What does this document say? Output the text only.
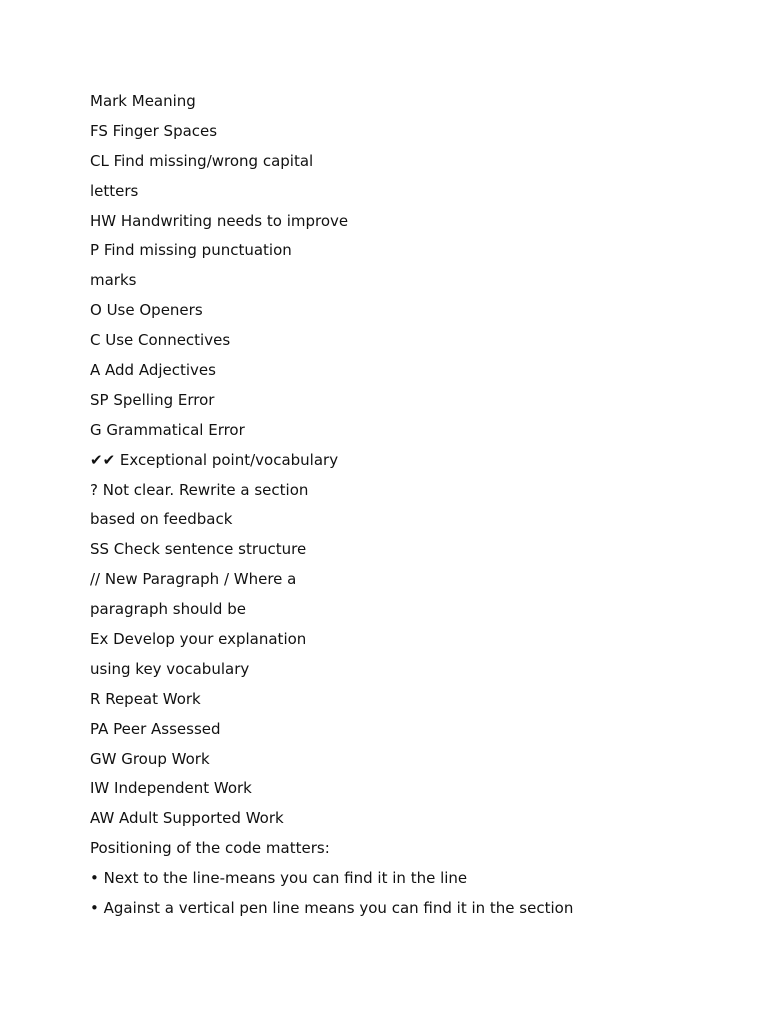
Mark Meaning
FS Finger Spaces
CL Find missing/wrong capital
letters
HW Handwriting needs to improve
P Find missing punctuation
marks
O Use Openers
C Use Connectives
A Add Adjectives
SP Spelling Error
G Grammatical Error
✔✔ Exceptional point/vocabulary
? Not clear. Rewrite a section
based on feedback
SS Check sentence structure
// New Paragraph / Where a
paragraph should be
Ex Develop your explanation
using key vocabulary
R Repeat Work
PA Peer Assessed
GW Group Work
IW Independent Work
AW Adult Supported Work
Positioning of the code matters:
• Next to the line-means you can find it in the line
• Against a vertical pen line means you can find it in the section
